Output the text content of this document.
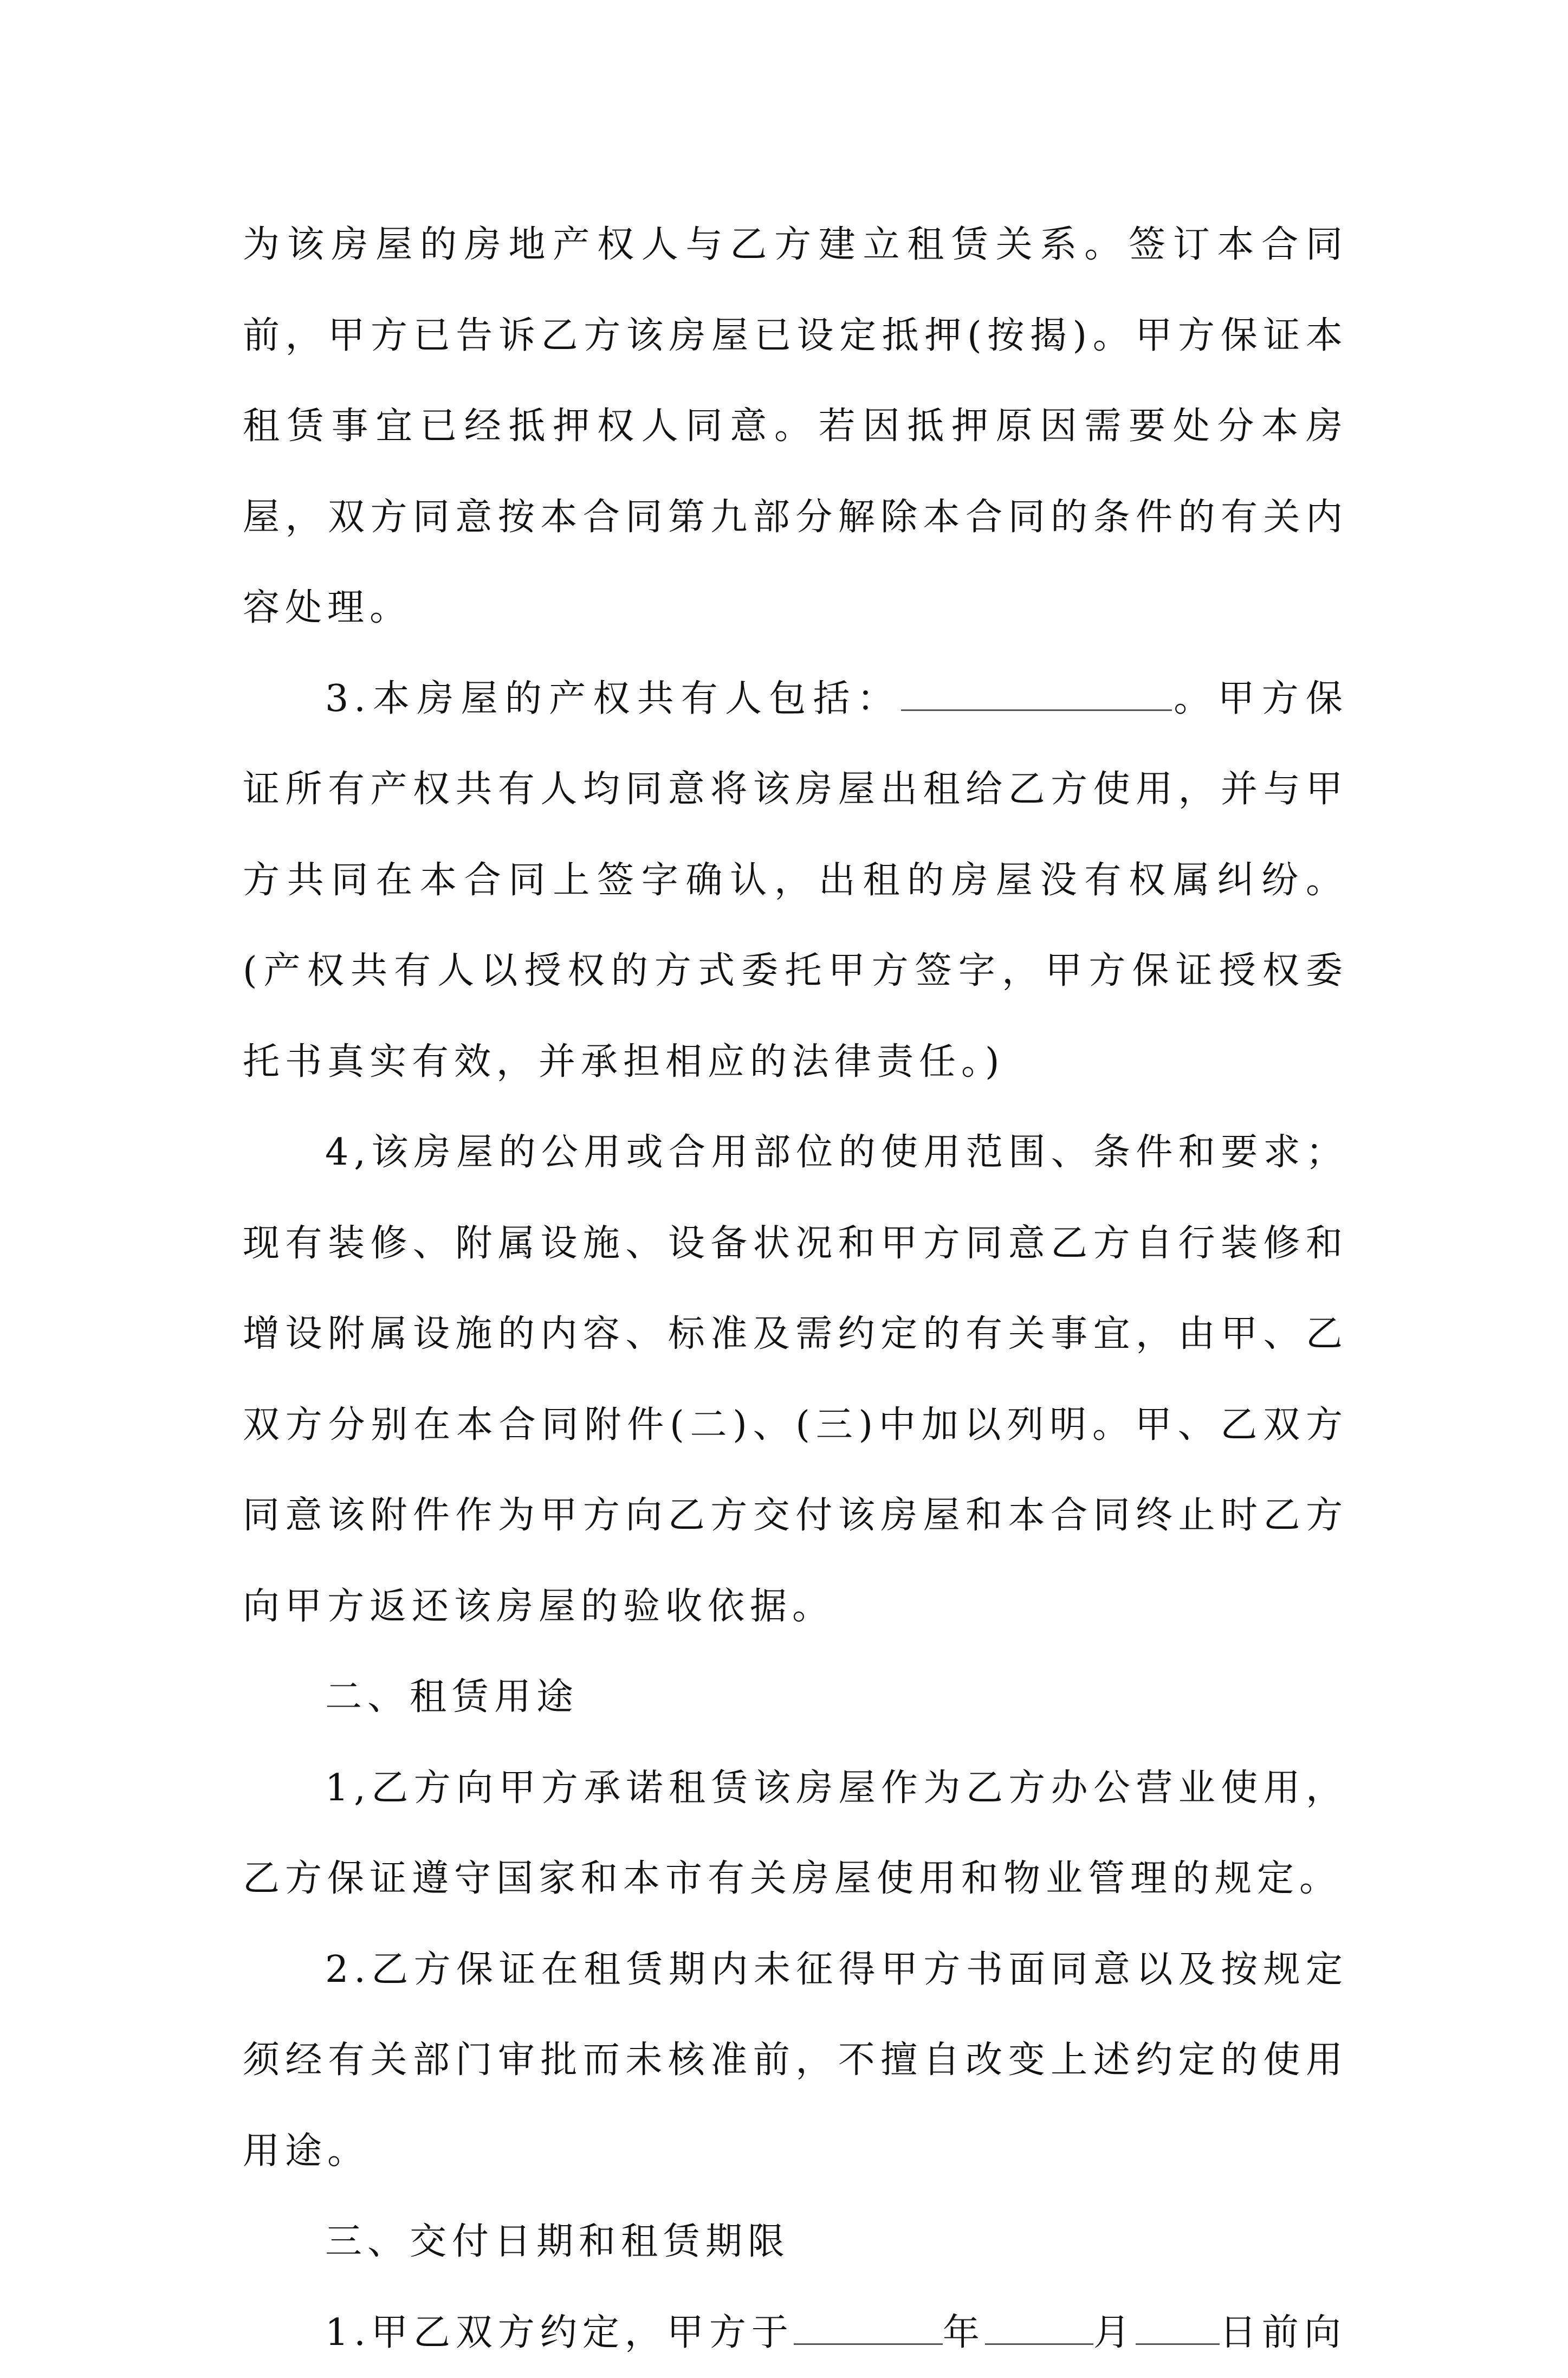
为该房屋的房地产权人与乙方建立租赁关系。签订本合同前，甲方已告诉乙方该房屋已设定抵押(按揭)。甲方保证本租赁事宜已经抵押权人同意。若因抵押原因需要处分本房屋，双方同意按本合同第九部分解除本合同的条件的有关内容处理。

3.本房屋的产权共有人包括：	。甲方保证所有产权共有人均同意将该房屋出租给乙方使用，并与甲方共同在本合同上签字确认，出租的房屋没有权属纠纷。(产权共有人以授权的方式委托甲方签字，甲方保证授权委托书真实有效，并承担相应的法律责任。)

4,该房屋的公用或合用部位的使用范围、条件和要求；现有装修、附属设施、设备状况和甲方同意乙方自行装修和增设附属设施的内容、标准及需约定的有关事宜，由甲、乙双方分别在本合同附件(二)、(三)中加以列明。甲、乙双方同意该附件作为甲方向乙方交付该房屋和本合同终止时乙方向甲方返还该房屋的验收依据。

二、租赁用途

1,乙方向甲方承诺租赁该房屋作为乙方办公营业使用，乙方保证遵守国家和本市有关房屋使用和物业管理的规定。

2.乙方保证在租赁期内未征得甲方书面同意以及按规定须经有关部门审批而未核准前，不擅自改变上述约定的使用用途。

三、交付日期和租赁期限

1.甲乙双方约定，甲方于	年	月 日前向
